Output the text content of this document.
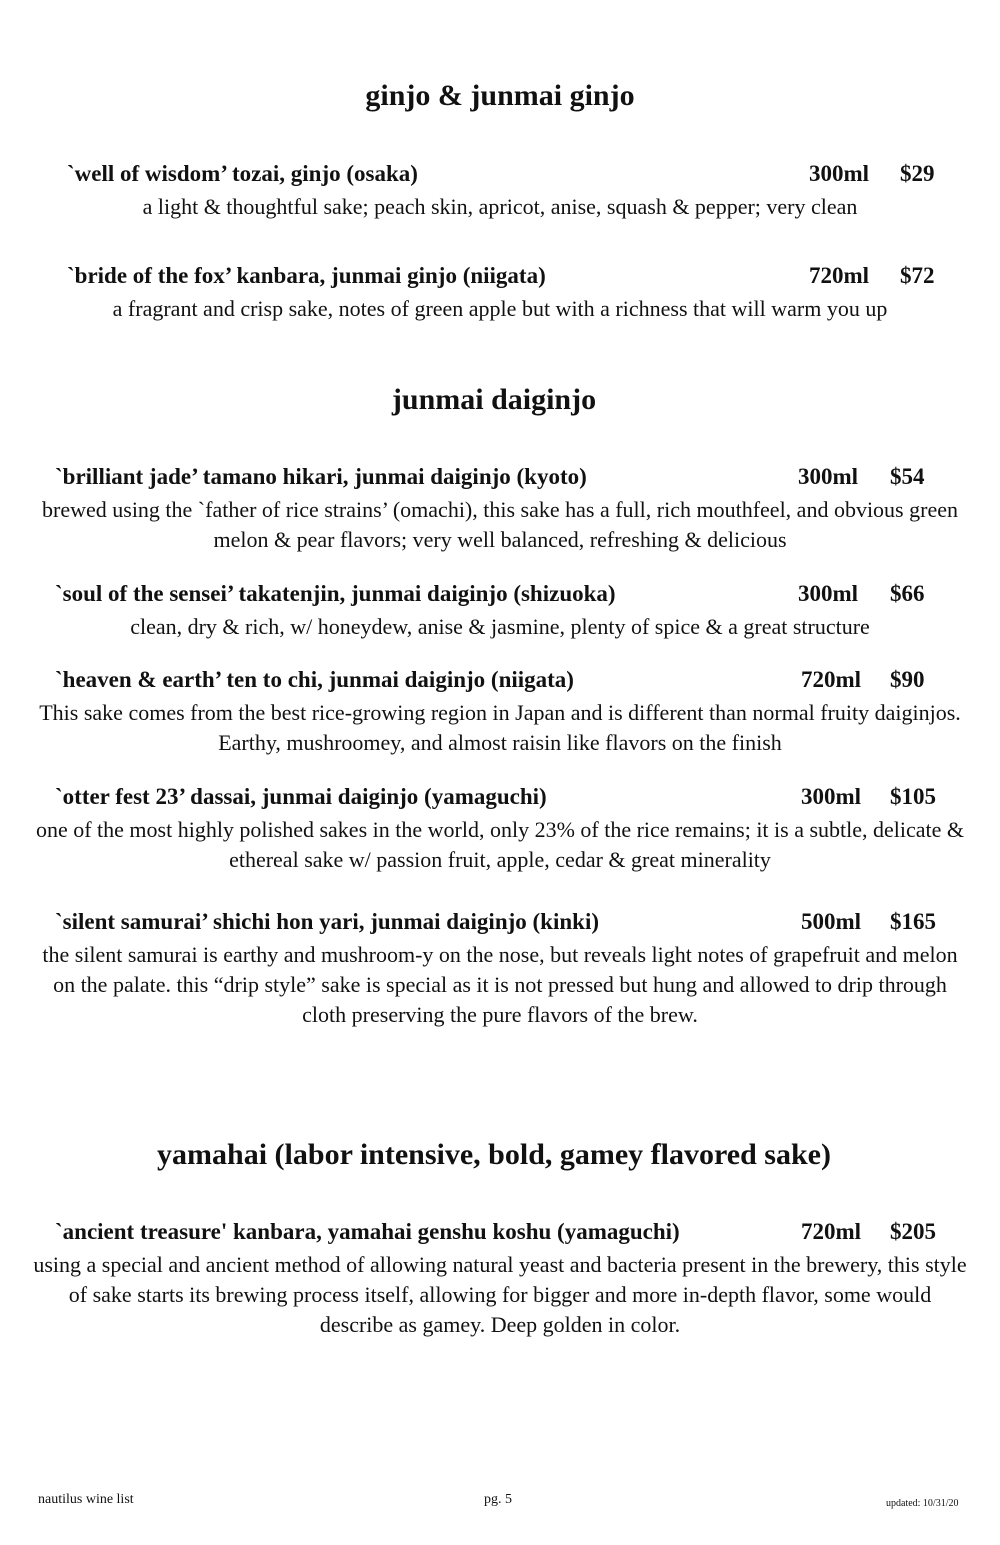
ginjo & junmai ginjo
`well of wisdom’ tozai, ginjo (osaka)	300ml $29

a light & thoughtful sake; peach skin, apricot, anise, squash & pepper; very clean

`bride of the fox’ kanbara, junmai ginjo (niigata)	720ml $72

a fragrant and crisp sake, notes of green apple but with a richness that will warm you up

junmai daiginjo
`brilliant jade’ tamano hikari, junmai daiginjo (kyoto)	300ml $54

brewed using the `father of rice strains’ (omachi), this sake has a full, rich mouthfeel, and obvious green melon & pear flavors; very well balanced, refreshing & delicious

`soul of the sensei’ takatenjin, junmai daiginjo (shizuoka)	300ml $66

clean, dry & rich, w/ honeydew, anise & jasmine, plenty of spice & a great structure

`heaven & earth’ ten to chi, junmai daiginjo (niigata)	720ml $90

This sake comes from the best rice-growing region in Japan and is different than normal fruity daiginjos. Earthy, mushroomey, and almost raisin like flavors on the finish

`otter fest 23’ dassai, junmai daiginjo (yamaguchi)	300ml $105

one of the most highly polished sakes in the world, only 23% of the rice remains; it is a subtle, delicate & ethereal sake w/ passion fruit, apple, cedar & great minerality

`silent samurai’ shichi hon yari, junmai daiginjo (kinki)	500ml $165

the silent samurai is earthy and mushroom-y on the nose, but reveals light notes of grapefruit and melon on the palate. this “drip style” sake is special as it is not pressed but hung and allowed to drip through cloth preserving the pure flavors of the brew.

yamahai (labor intensive, bold, gamey flavored sake)
`ancient treasure' kanbara, yamahai genshu koshu (yamaguchi)	720ml $205

using a special and ancient method of allowing natural yeast and bacteria present in the brewery, this style of sake starts its brewing process itself, allowing for bigger and more in-depth flavor, some would describe as gamey. Deep golden in color.

nautilus wine list	pg. 5	updated: 10/31/20
